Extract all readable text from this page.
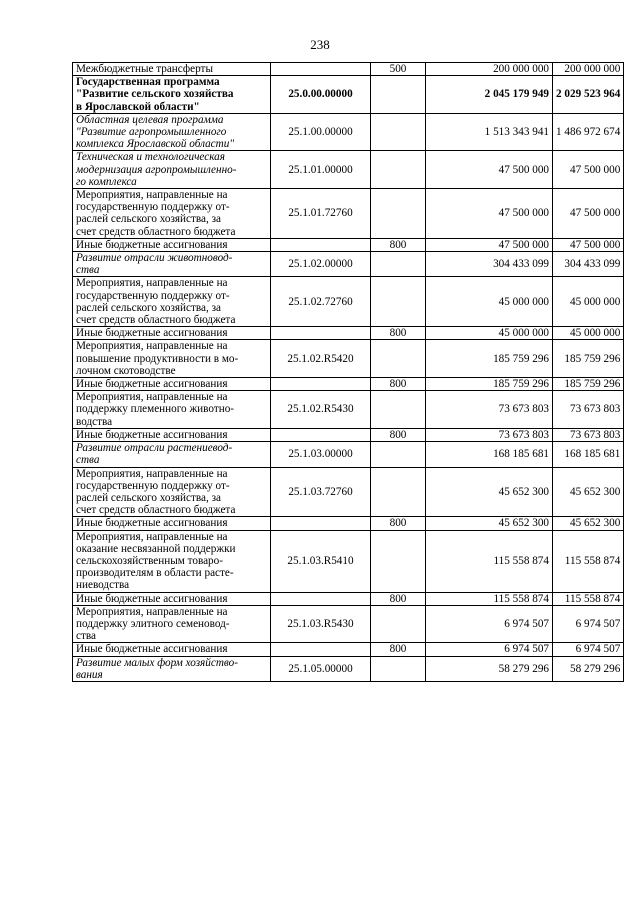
238
Межбюджетные трансферты		500	200 000 000	200 000 000

Государственная программа
"Развитие сельского хозяйства
в Ярославской области"	25.0.00.00000		2 045 179 949	2 029 523 964

Областная целевая программа
"Развитие агропромышленного
комплекса Ярославской области"	25.1.00.00000		1 513 343 941	1 486 972 674

Техническая и технологическая
модернизация агропромышленно-
го комплекса	25.1.01.00000		47 500 000	47 500 000

Мероприятия, направленные на
государственную поддержку от-
раслей сельского хозяйства, за
счет средств областного бюджета	25.1.01.72760		47 500 000	47 500 000

Иные бюджетные ассигнования		800	47 500 000	47 500 000

Развитие отрасли животновод-
ства	25.1.02.00000		304 433 099	304 433 099

Мероприятия, направленные на
государственную поддержку от-
раслей сельского хозяйства, за
счет средств областного бюджета	25.1.02.72760		45 000 000	45 000 000

Иные бюджетные ассигнования		800	45 000 000	45 000 000

Мероприятия, направленные на
повышение продуктивности в мо-
лочном скотоводстве	25.1.02.R5420		185 759 296	185 759 296

Иные бюджетные ассигнования		800	185 759 296	185 759 296

Мероприятия, направленные на
поддержку племенного животно-
водства	25.1.02.R5430		73 673 803	73 673 803

Иные бюджетные ассигнования		800	73 673 803	73 673 803

Развитие отрасли растениевод-
ства	25.1.03.00000		168 185 681	168 185 681

Мероприятия, направленные на
государственную поддержку от-
раслей сельского хозяйства, за
счет средств областного бюджета	25.1.03.72760		45 652 300	45 652 300

Иные бюджетные ассигнования		800	45 652 300	45 652 300

Мероприятия, направленные на
оказание несвязанной поддержки
сельскохозяйственным товаро-
производителям в области расте-
ниеводства	25.1.03.R5410		115 558 874	115 558 874

Иные бюджетные ассигнования		800	115 558 874	115 558 874

Мероприятия, направленные на
поддержку элитного семеновод-
ства	25.1.03.R5430		6 974 507	6 974 507

Иные бюджетные ассигнования		800	6 974 507	6 974 507

Развитие малых форм хозяйство-
вания	25.1.05.00000		58 279 296	58 279 296
